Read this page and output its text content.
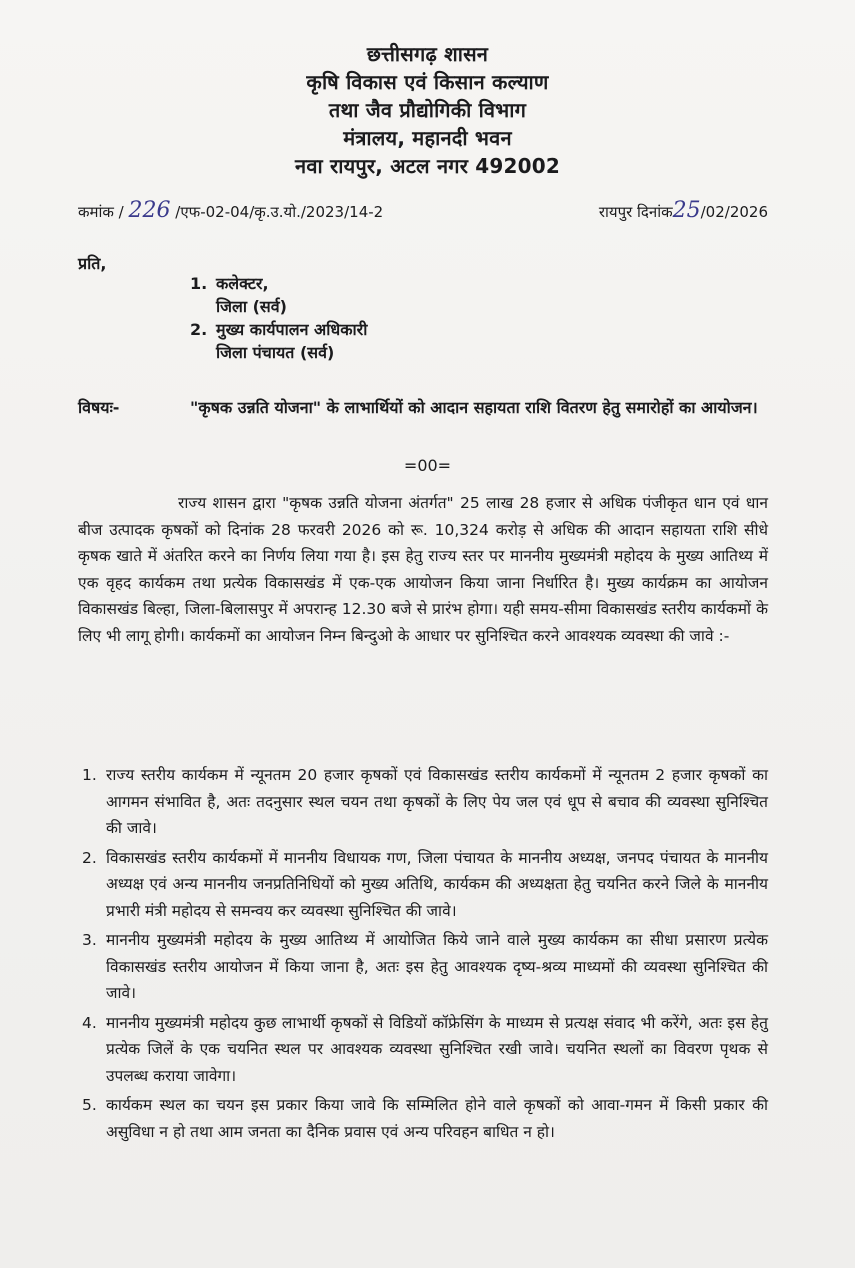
छत्तीसगढ़ शासन
कृषि विकास एवं किसान कल्याण
तथा जैव प्रौद्योगिकी विभाग
मंत्रालय, महानदी भवन
नवा रायपुर, अटल नगर 492002
कमांक / 226 /एफ-02-04/कृ.उ.यो./2023/14-2	रायपुर दिनांक25/02/2026
प्रति,
1. कलेक्टर,
जिला (सर्व)
2. मुख्य कार्यपालन अधिकारी
जिला पंचायत (सर्व)
विषयः-	"कृषक उन्नति योजना" के लाभार्थियों को आदान सहायता राशि वितरण हेतु समारोहों का आयोजन।
=00=
राज्य शासन द्वारा "कृषक उन्नति योजना अंतर्गत" 25 लाख 28 हजार से अधिक पंजीकृत धान एवं धान बीज उत्पादक कृषकों को दिनांक 28 फरवरी 2026 को रू. 10,324 करोड़ से अधिक की आदान सहायता राशि सीधे कृषक खाते में अंतरित करने का निर्णय लिया गया है। इस हेतु राज्य स्तर पर माननीय मुख्यमंत्री महोदय के मुख्य आतिथ्य में एक वृहद कार्यकम तथा प्रत्येक विकासखंड में एक-एक आयोजन किया जाना निर्धारित है। मुख्य कार्यक्रम का आयोजन विकासखंड बिल्हा, जिला-बिलासपुर में अपरान्ह 12.30 बजे से प्रारंभ होगा। यही समय-सीमा विकासखंड स्तरीय कार्यकमों के लिए भी लागू होगी। कार्यकमों का आयोजन निम्न बिन्दुओ के आधार पर सुनिश्चित करने आवश्यक व्यवस्था की जावे :-
1. राज्य स्तरीय कार्यकम में न्यूनतम 20 हजार कृषकों एवं विकासखंड स्तरीय कार्यकमों में न्यूनतम 2 हजार कृषकों का आगमन संभावित है, अतः तदनुसार स्थल चयन तथा कृषकों के लिए पेय जल एवं धूप से बचाव की व्यवस्था सुनिश्चित की जावे।
2. विकासखंड स्तरीय कार्यकमों में माननीय विधायक गण, जिला पंचायत के माननीय अध्यक्ष, जनपद पंचायत के माननीय अध्यक्ष एवं अन्य माननीय जनप्रतिनिधियों को मुख्य अतिथि, कार्यकम की अध्यक्षता हेतु चयनित करने जिले के माननीय प्रभारी मंत्री महोदय से समन्वय कर व्यवस्था सुनिश्चित की जावे।
3. माननीय मुख्यमंत्री महोदय के मुख्य आतिथ्य में आयोजित किये जाने वाले मुख्य कार्यकम का सीधा प्रसारण प्रत्येक विकासखंड स्तरीय आयोजन में किया जाना है, अतः इस हेतु आवश्यक दृष्य-श्रव्य माध्यमों की व्यवस्था सुनिश्चित की जावे।
4. माननीय मुख्यमंत्री महोदय कुछ लाभार्थी कृषकों से विडियों कॉफ्रेसिंग के माध्यम से प्रत्यक्ष संवाद भी करेंगे, अतः इस हेतु प्रत्येक जिलें के एक चयनित स्थल पर आवश्यक व्यवस्था सुनिश्चित रखी जावे। चयनित स्थलों का विवरण पृथक से उपलब्ध कराया जावेगा।
5. कार्यकम स्थल का चयन इस प्रकार किया जावे कि सम्मिलित होने वाले कृषकों को आवा-गमन में किसी प्रकार की असुविधा न हो तथा आम जनता का दैनिक प्रवास एवं अन्य परिवहन बाधित न हो।
